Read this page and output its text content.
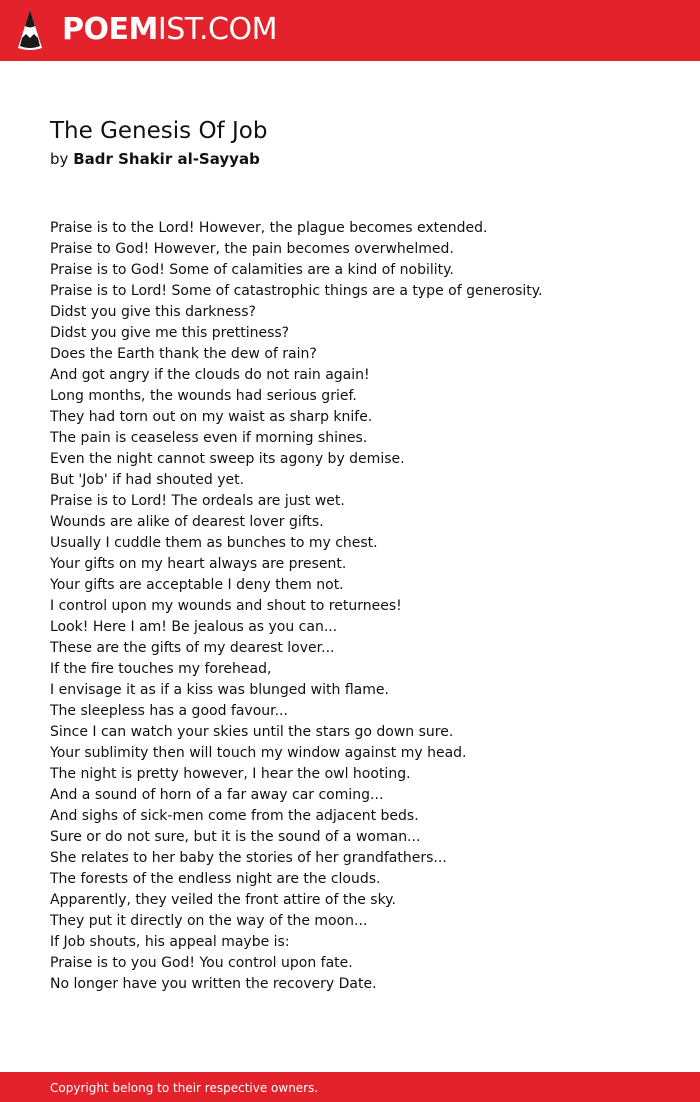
POEMIST.COM
The Genesis Of Job
by Badr Shakir al-Sayyab
Praise is to the Lord! However, the plague becomes extended.
Praise to God! However, the pain becomes overwhelmed.
Praise is to God! Some of calamities are a kind of nobility.
Praise is to Lord! Some of catastrophic things are a type of generosity.
Didst you give this darkness?
Didst you give me this prettiness?
Does the Earth thank the dew of rain?
And got angry if the clouds do not rain again!
Long months, the wounds had serious grief.
They had torn out on my waist as sharp knife.
The pain is ceaseless even if morning shines.
Even the night cannot sweep its agony by demise.
But 'Job' if had shouted yet.
Praise is to Lord! The ordeals are just wet.
Wounds are alike of dearest lover gifts.
Usually I cuddle them as bunches to my chest.
Your gifts on my heart always are present.
Your gifts are acceptable I deny them not.
I control upon my wounds and shout to returnees!
Look! Here I am! Be jealous as you can...
These are the gifts of my dearest lover...
If the fire touches my forehead,
I envisage it as if a kiss was blunged with flame.
The sleepless has a good favour...
Since I can watch your skies until the stars go down sure.
Your sublimity then will touch my window against my head.
The night is pretty however, I hear the owl hooting.
And a sound of horn of a far away car coming...
And sighs of sick-men come from the adjacent beds.
Sure or do not sure, but it is the sound of a woman...
She relates to her baby the stories of her grandfathers...
The forests of the endless night are the clouds.
Apparently, they veiled the front attire of the sky.
They put it directly on the way of the moon...
If Job shouts, his appeal maybe is:
Praise is to you God! You control upon fate.
No longer have you written the recovery Date.
Copyright belong to their respective owners.
